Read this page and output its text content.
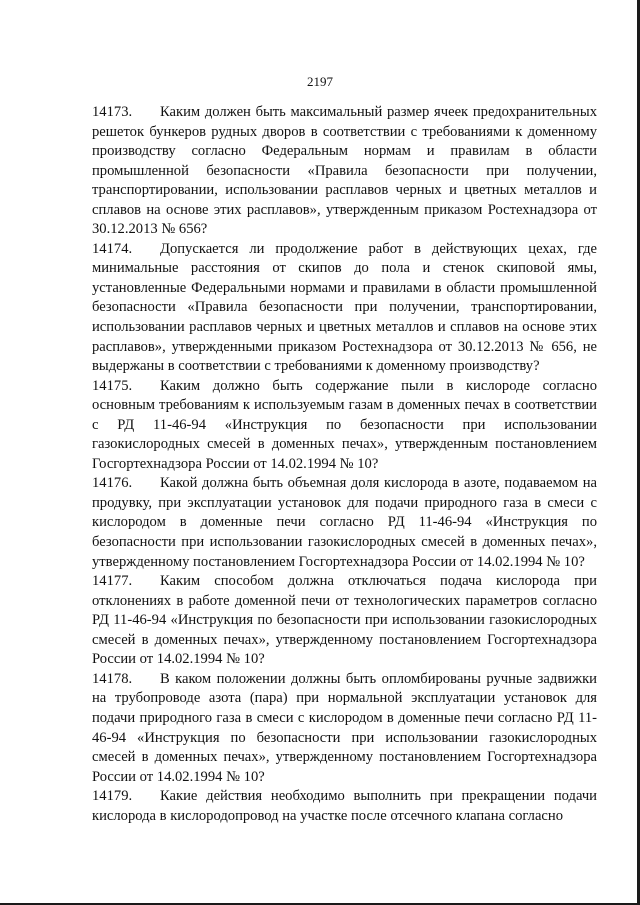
2197

14173. Каким должен быть максимальный размер ячеек предохранительных решеток бункеров рудных дворов в соответствии с требованиями к доменному производству согласно Федеральным нормам и правилам в области промышленной безопасности «Правила безопасности при получении, транспортировании, использовании расплавов черных и цветных металлов и сплавов на основе этих расплавов», утвержденным приказом Ростехнадзора от 30.12.2013 № 656?

14174. Допускается ли продолжение работ в действующих цехах, где минимальные расстояния от скипов до пола и стенок скиповой ямы, установленные Федеральными нормами и правилами в области промышленной безопасности «Правила безопасности при получении, транспортировании, использовании расплавов черных и цветных металлов и сплавов на основе этих расплавов», утвержденными приказом Ростехнадзора от 30.12.2013 № 656, не выдержаны в соответствии с требованиями к доменному производству?

14175. Каким должно быть содержание пыли в кислороде согласно основным требованиям к используемым газам в доменных печах в соответствии с РД 11-46-94 «Инструкция по безопасности при использовании газокислородных смесей в доменных печах», утвержденным постановлением Госгортехнадзора России от 14.02.1994 № 10?

14176. Какой должна быть объемная доля кислорода в азоте, подаваемом на продувку, при эксплуатации установок для подачи природного газа в смеси с кислородом в доменные печи согласно РД 11-46-94 «Инструкция по безопасности при использовании газокислородных смесей в доменных печах», утвержденному постановлением Госгортехнадзора России от 14.02.1994 № 10?

14177. Каким способом должна отключаться подача кислорода при отклонениях в работе доменной печи от технологических параметров согласно РД 11-46-94 «Инструкция по безопасности при использовании газокислородных смесей в доменных печах», утвержденному постановлением Госгортехнадзора России от 14.02.1994 № 10?

14178. В каком положении должны быть опломбированы ручные задвижки на трубопроводе азота (пара) при нормальной эксплуатации установок для подачи природного газа в смеси с кислородом в доменные печи согласно РД 11-46-94 «Инструкция по безопасности при использовании газокислородных смесей в доменных печах», утвержденному постановлением Госгортехнадзора России от 14.02.1994 № 10?

14179. Какие действия необходимо выполнить при прекращении подачи кислорода в кислородопровод на участке после отсечного клапана согласно
